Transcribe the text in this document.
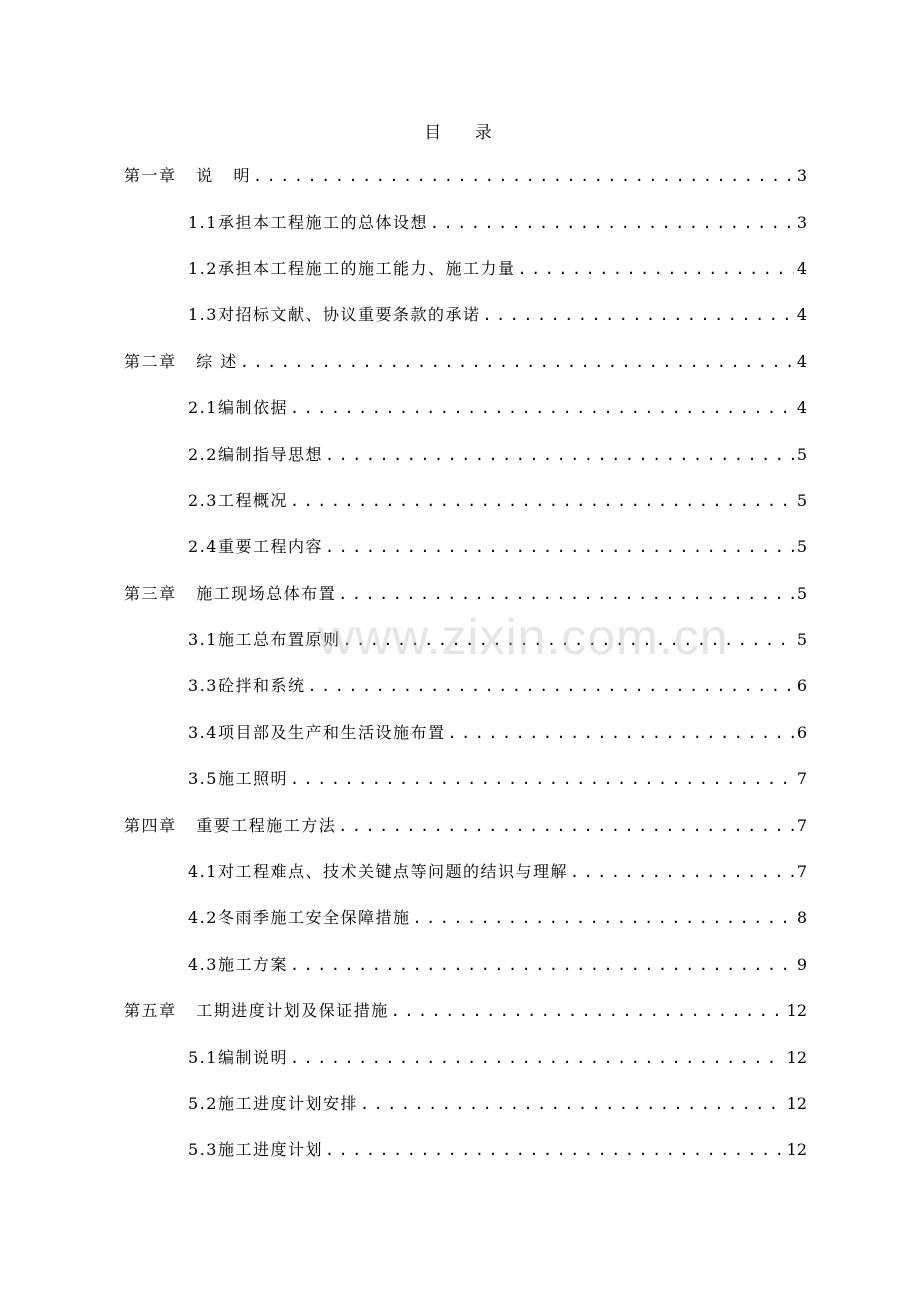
目 录
第一章   说   明 .....	3
1.1承担本工程施工的总体设想 .....	3
1.2承担本工程施工的施工能力、施工力量 .....	4
1.3对招标文献、协议重要条款的承诺 .....	4
第二章   综 述 .....	4
2.1编制依据 .....	4
2.2编制指导思想 .....	5
2.3工程概况 .....	5
2.4重要工程内容 .....	5
第三章   施工现场总体布置 .....	5
3.1施工总布置原则 .....	5
3.3砼拌和系统 .....	6
3.4项目部及生产和生活设施布置 .....	6
3.5施工照明 .....	7
第四章   重要工程施工方法 .....	7
4.1对工程难点、技术关键点等问题的结识与理解 .....	7
4.2冬雨季施工安全保障措施 .....	8
4.3施工方案 .....	9
第五章   工期进度计划及保证措施 .....	12
5.1编制说明 .....	12
5.2施工进度计划安排 .....	12
5.3施工进度计划 .....	12
www.zixin.com.cn
